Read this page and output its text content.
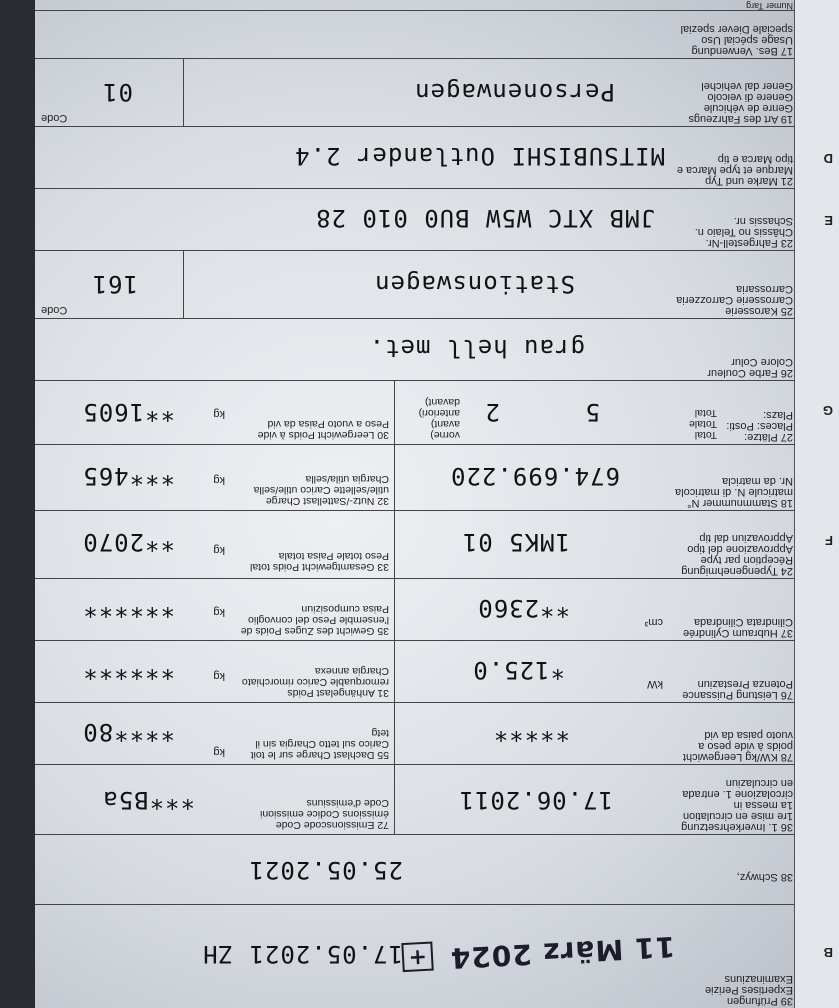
B
39 Prüfungen Expertises Perizie Examinaziuns
17.05.2021 ZH	11 März 2024 +
38 Schwyz,
25.05.2021
36 1. Inverkehrsetzung 1re mise en circulation 1a messa in circolazione 1. entrada en circulaziun
17.06.2011
72 Emissionscode Code émissions Codice emissioni Code d'emissiuns
***B5a
78 KW/kg Leergewicht poids à vide peso a vuoto paisa da vid
*****
55 Dachlast Charge sur le toit Carico sul tetto Chargia sin il tetg
kg
****80
76 Leistung Puissance Potenza Prestaziun
kW
*125.0
31 Anhängelast Poids remorquable Carico rimorchiato Chargia annexa
kg
******
37 Hubraum Cylindrée Cilindrata Cilindrada
cm³
**2360
35 Gewicht des Zuges Poids de l'ensemble Peso del convoglio Paisa cumposiziun
kg
******
24 Typengenehmigung Réception par type Approvazione del tipo Approvaziun dal tip
1MK5 01
33 Gesamtgewicht Poids total Peso totale Paisa totala
kg
**2070	F
18 Stammnummer N° matricule N. di matricola Nr. da matricla
674.699.220
32 Nutz-/Sattellast Charge utile/sellette Carico utile/sella Chargia utila/sella
kg
***465
27 Plätze: Places: Posti: Plazs:
Total Totale Total
5
2
vorne) avant) anteriori) davant)
30 Leergewicht Poids à vide Peso a vuoto Paisa da vid
kg
**1605	G
26 Farbe Couleur Colore Colur
grau hell met.
25 Karosserie Carrosserie Carrozzeria Carrossaria
Stationswagen
Code
161
23 Fahrgestell-Nr. Châssis no Telaio n. Schassis nr.
JMB XTC W5W BU0 010 28	E
21 Marke und Typ Marque et type Marca e tipo Marca e tip
MITSUBISHI Outlander 2.4	D
19 Art des Fahrzeugs Genre de véhicule Genere di veicolo Gener dal vehichel
Personenwagen
Code
01
17 Bes. Verwendung Usage spécial Uso speciale Diever spezial
Numer Targ
